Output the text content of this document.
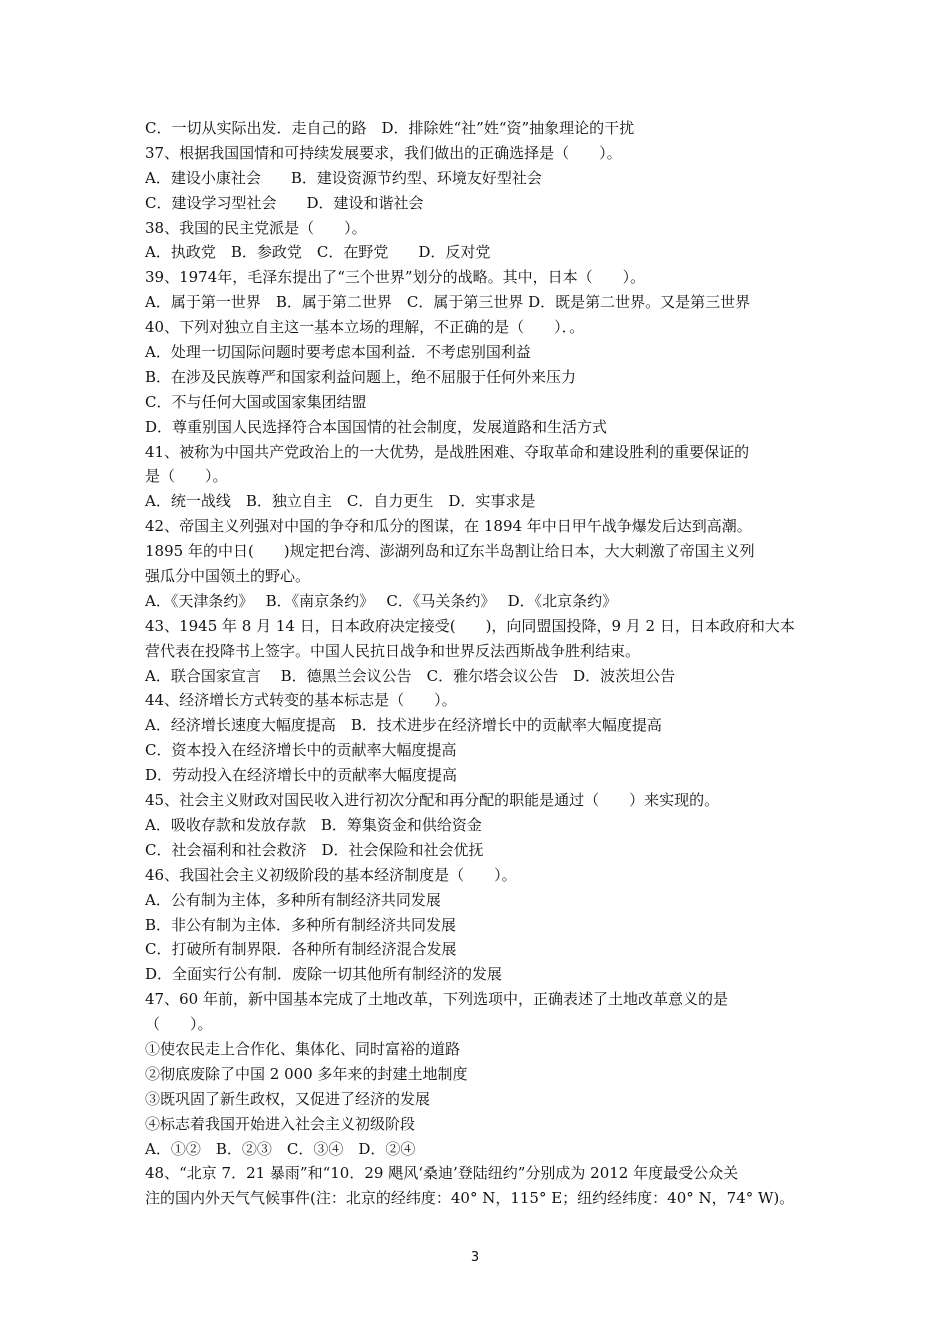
C．一切从实际出发．走自己的路　D．排除姓“社”姓“资”抽象理论的干扰
37、根据我国国情和可持续发展要求，我们做出的正确选择是（　　）。
A．建设小康社会　　B．建设资源节约型、环境友好型社会
C．建设学习型社会　　D．建设和谐社会
38、我国的民主党派是（　　）。
A．执政党　B．参政党　C．在野党　　D．反对党
39、1974年，毛泽东提出了“三个世界”划分的战略。其中，日本（　　）。
A．属于第一世界　B．属于第二世界　C．属于第三世界 D．既是第二世界。又是第三世界
40、下列对独立自主这一基本立场的理解，不正确的是（　　）．。
A．处理一切国际问题时要考虑本国利益．不考虑别国利益
B．在涉及民族尊严和国家利益问题上，绝不屈服于任何外来压力
C．不与任何大国或国家集团结盟
D．尊重别国人民选择符合本国国情的社会制度，发展道路和生活方式
41、被称为中国共产党政治上的一大优势，是战胜困难、夺取革命和建设胜利的重要保证的
是（　　）。
A．统一战线　B．独立自主　C．自力更生　D．实事求是
42、帝国主义列强对中国的争夺和瓜分的图谋，在 1894 年中日甲午战争爆发后达到高潮。
1895 年的中日(　　)规定把台湾、澎湖列岛和辽东半岛割让给日本，大大刺激了帝国主义列
强瓜分中国领土的野心。
A．《天津条约》　 B．《南京条约》　 C．《马关条约》　 D．《北京条约》
43、1945 年 8 月 14 日，日本政府决定接受(　　)，向同盟国投降，9 月 2 日，日本政府和大本
营代表在投降书上签字。中国人民抗日战争和世界反法西斯战争胜利结束。
A．联合国家宣言　 B．德黑兰会议公告　C．雅尔塔会议公告　D．波茨坦公告
44、经济增长方式转变的基本标志是（　　）。
A．经济增长速度大幅度提高　B．技术进步在经济增长中的贡献率大幅度提高
C．资本投入在经济增长中的贡献率大幅度提高
D．劳动投入在经济增长中的贡献率大幅度提高
45、社会主义财政对国民收入进行初次分配和再分配的职能是通过（　　）来实现的。
A．吸收存款和发放存款　B．筹集资金和供给资金
C．社会福利和社会救济　D．社会保险和社会优抚
46、我国社会主义初级阶段的基本经济制度是（　　）。
A．公有制为主体，多种所有制经济共同发展
B．非公有制为主体．多种所有制经济共同发展
C．打破所有制界限．各种所有制经济混合发展
D．全面实行公有制．废除一切其他所有制经济的发展
47、60 年前，新中国基本完成了土地改革，下列选项中，正确表述了土地改革意义的是
（　　）。
①使农民走上合作化、集体化、同时富裕的道路
②彻底废除了中国 2 000 多年来的封建土地制度
③既巩固了新生政权，又促进了经济的发展
④标志着我国开始进入社会主义初级阶段
A．①②　B．②③　C．③④　D．②④
48、“北京 7．21 暴雨”和“10．29 飓风‘桑迪’登陆纽约”分别成为 2012 年度最受公众关
注的国内外天气气候事件(注：北京的经纬度：40° N，115° E；纽约经纬度：40° N，74° W)。
3
